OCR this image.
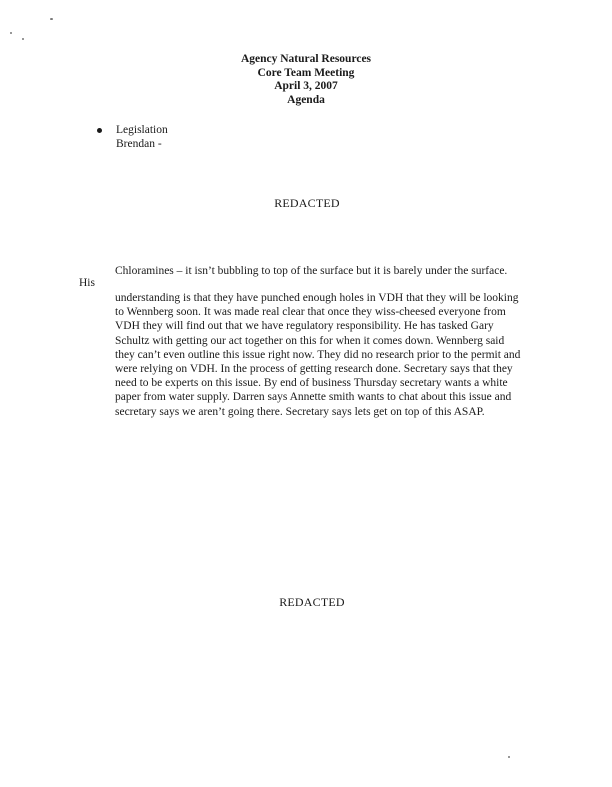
Agency Natural Resources
Core Team Meeting
April 3, 2007
Agenda
Legislation
Brendan -
REDACTED
Chloramines – it isn’t bubbling to top of the surface but it is barely under the surface.
His
understanding is that they have punched enough holes in VDH that they will be looking
to Wennberg soon. It was made real clear that once they wiss-cheesed everyone from
VDH they will find out that we have regulatory responsibility. He has tasked Gary
Schultz with getting our act together on this for when it comes down. Wennberg said
they can’t even outline this issue right now. They did no research prior to the permit and
were relying on VDH. In the process of getting research done. Secretary says that they
need to be experts on this issue. By end of business Thursday secretary wants a white
paper from water supply. Darren says Annette smith wants to chat about this issue and
secretary says we aren’t going there. Secretary says lets get on top of this ASAP.
REDACTED
